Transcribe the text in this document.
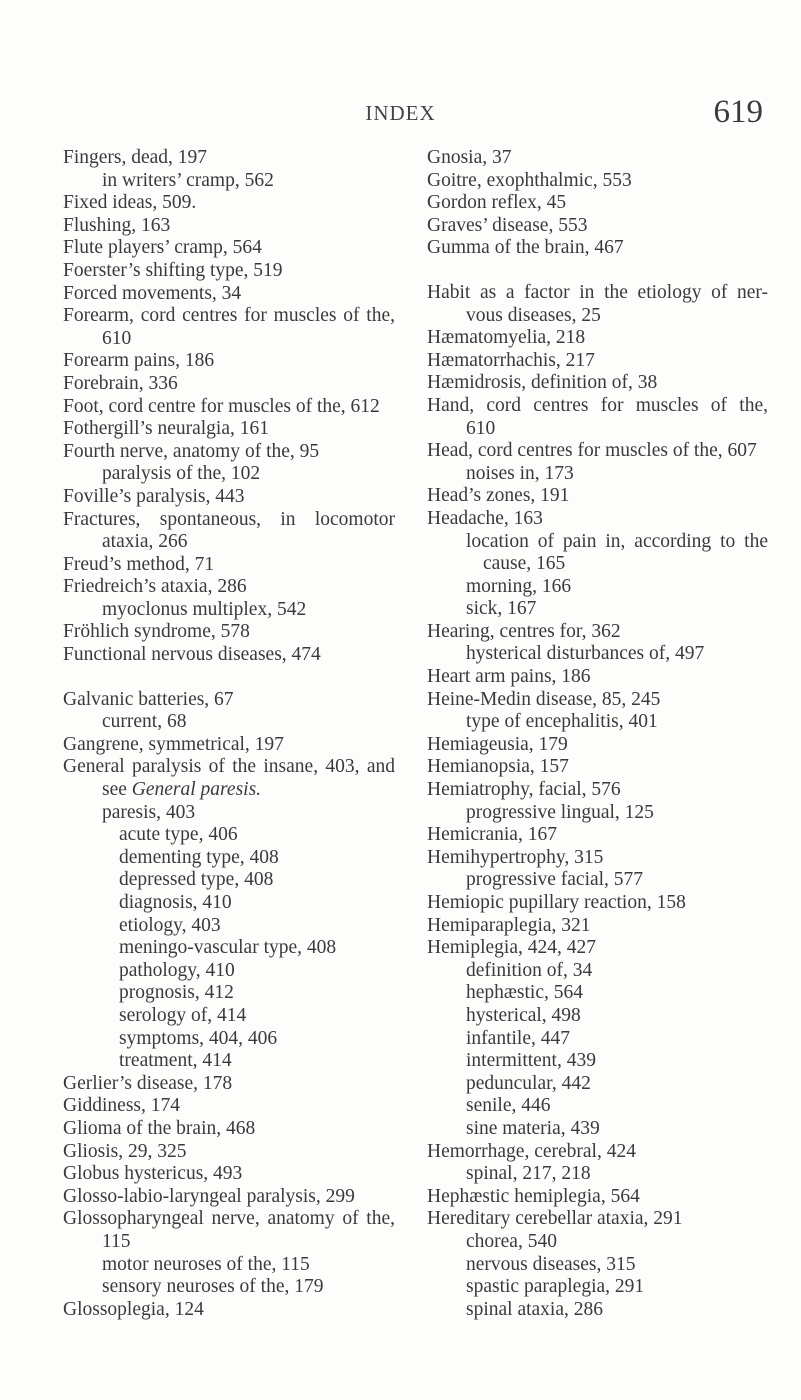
INDEX	619
Fingers, dead, 197
in writers’ cramp, 562
Fixed ideas, 509.
Flushing, 163
Flute players’ cramp, 564
Foerster’s shifting type, 519
Forced movements, 34
Forearm, cord centres for muscles of the,
610
Forearm pains, 186
Forebrain, 336
Foot, cord centre for muscles of the, 612
Fothergill’s neuralgia, 161
Fourth nerve, anatomy of the, 95
paralysis of the, 102
Foville’s paralysis, 443
Fractures, spontaneous, in locomotor
ataxia, 266
Freud’s method, 71
Friedreich’s ataxia, 286
myoclonus multiplex, 542
Fröhlich syndrome, 578
Functional nervous diseases, 474
Galvanic batteries, 67
current, 68
Gangrene, symmetrical, 197
General paralysis of the insane, 403, and
see General paresis.
paresis, 403
acute type, 406
dementing type, 408
depressed type, 408
diagnosis, 410
etiology, 403
meningo-vascular type, 408
pathology, 410
prognosis, 412
serology of, 414
symptoms, 404, 406
treatment, 414
Gerlier’s disease, 178
Giddiness, 174
Glioma of the brain, 468
Gliosis, 29, 325
Globus hystericus, 493
Glosso-labio-laryngeal paralysis, 299
Glossopharyngeal nerve, anatomy of the,
115
motor neuroses of the, 115
sensory neuroses of the, 179
Glossoplegia, 124
Gnosia, 37
Goitre, exophthalmic, 553
Gordon reflex, 45
Graves’ disease, 553
Gumma of the brain, 467
Habit as a factor in the etiology of ner-
vous diseases, 25
Hæmatomyelia, 218
Hæmatorrhachis, 217
Hæmidrosis, definition of, 38
Hand, cord centres for muscles of the,
610
Head, cord centres for muscles of the, 607
noises in, 173
Head’s zones, 191
Headache, 163
location of pain in, according to the
cause, 165
morning, 166
sick, 167
Hearing, centres for, 362
hysterical disturbances of, 497
Heart arm pains, 186
Heine-Medin disease, 85, 245
type of encephalitis, 401
Hemiageusia, 179
Hemianopsia, 157
Hemiatrophy, facial, 576
progressive lingual, 125
Hemicrania, 167
Hemihypertrophy, 315
progressive facial, 577
Hemiopic pupillary reaction, 158
Hemiparaplegia, 321
Hemiplegia, 424, 427
definition of, 34
hephæstic, 564
hysterical, 498
infantile, 447
intermittent, 439
peduncular, 442
senile, 446
sine materia, 439
Hemorrhage, cerebral, 424
spinal, 217, 218
Hephæstic hemiplegia, 564
Hereditary cerebellar ataxia, 291
chorea, 540
nervous diseases, 315
spastic paraplegia, 291
spinal ataxia, 286
